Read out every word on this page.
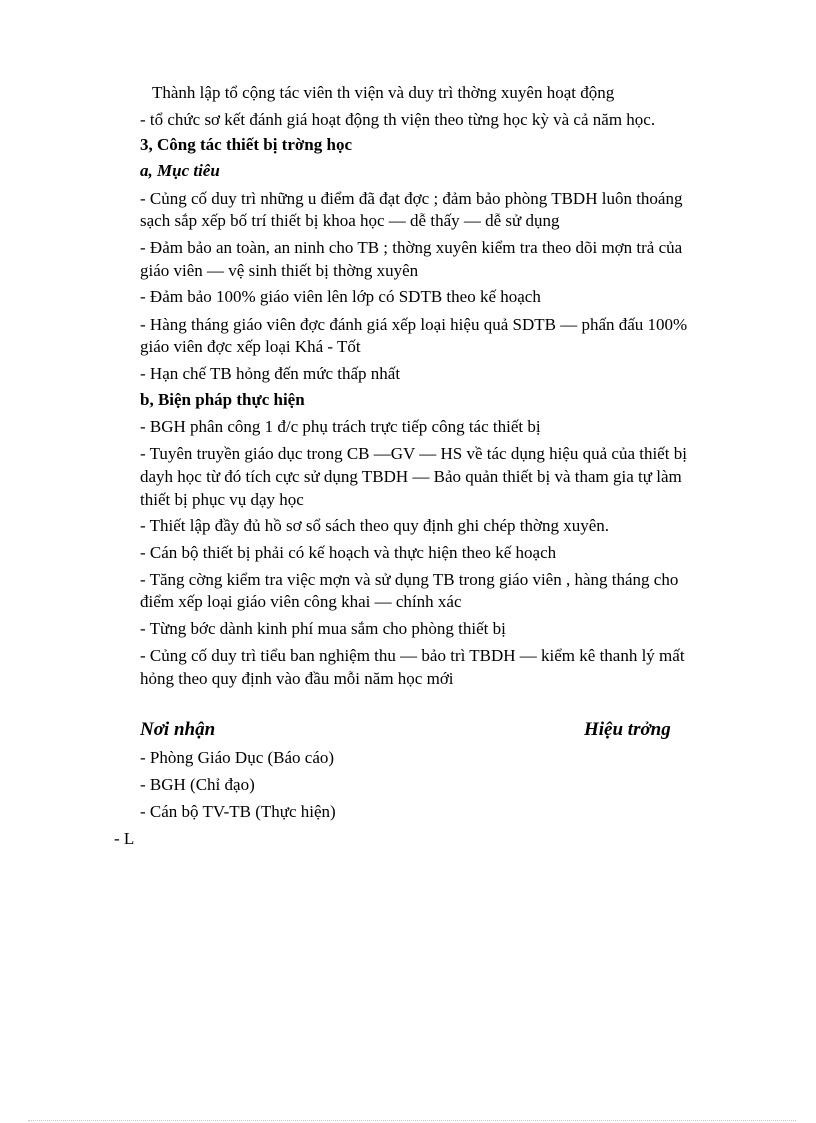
Thành lập tổ cộng tác viên th viện và duy trì thờng xuyên hoạt động
- tổ chức sơ kết đánh giá hoạt động th viện theo từng học kỳ và cả năm học.
3, Công tác thiết bị trờng học
a, Mục tiêu
- Củng cố duy trì những u điểm đã đạt đợc ; đảm bảo phòng TBDH luôn thoáng
sạch sắp xếp bố trí thiết bị khoa học — dễ thấy — dễ sử dụng
- Đảm bảo an toàn, an ninh cho TB ; thờng xuyên kiểm tra theo dõi mợn trả của
giáo viên — vệ sinh thiết bị thờng xuyên
- Đảm bảo 100% giáo viên lên lớp có SDTB theo kế hoạch
- Hàng tháng giáo viên đợc đánh giá xếp loại hiệu quả SDTB — phấn đấu 100%
giáo viên đợc xếp loại Khá - Tốt
- Hạn chế TB hỏng đến mức thấp nhất
b, Biện pháp thực hiện
- BGH phân công 1 đ/c phụ trách trực tiếp công tác thiết bị
- Tuyên truyền giáo dục trong CB —GV — HS về tác dụng hiệu quả của thiết bị
dayh học từ đó tích cực sử dụng TBDH — Bảo quản thiết bị và tham gia tự làm
thiết bị phục vụ dạy học
- Thiết lập đầy đủ hồ sơ sổ sách theo quy định ghi chép thờng xuyên.
- Cán bộ thiết bị phải có kế hoạch và thực hiện theo kế hoạch
- Tăng cờng kiểm tra việc mợn và sử dụng TB trong giáo viên , hàng tháng cho
điểm xếp loại giáo viên công khai — chính xác
- Từng bớc dành kinh phí mua sắm cho phòng thiết bị
- Củng cố duy trì tiểu ban nghiệm thu — bảo trì TBDH — kiểm kê thanh lý mất
hỏng theo quy định vào đầu mỗi năm học mới
Nơi nhận	Hiệu trởng
- Phòng Giáo Dục (Báo cáo)
- BGH (Chỉ đạo)
- Cán bộ TV-TB (Thực hiện)
- L
